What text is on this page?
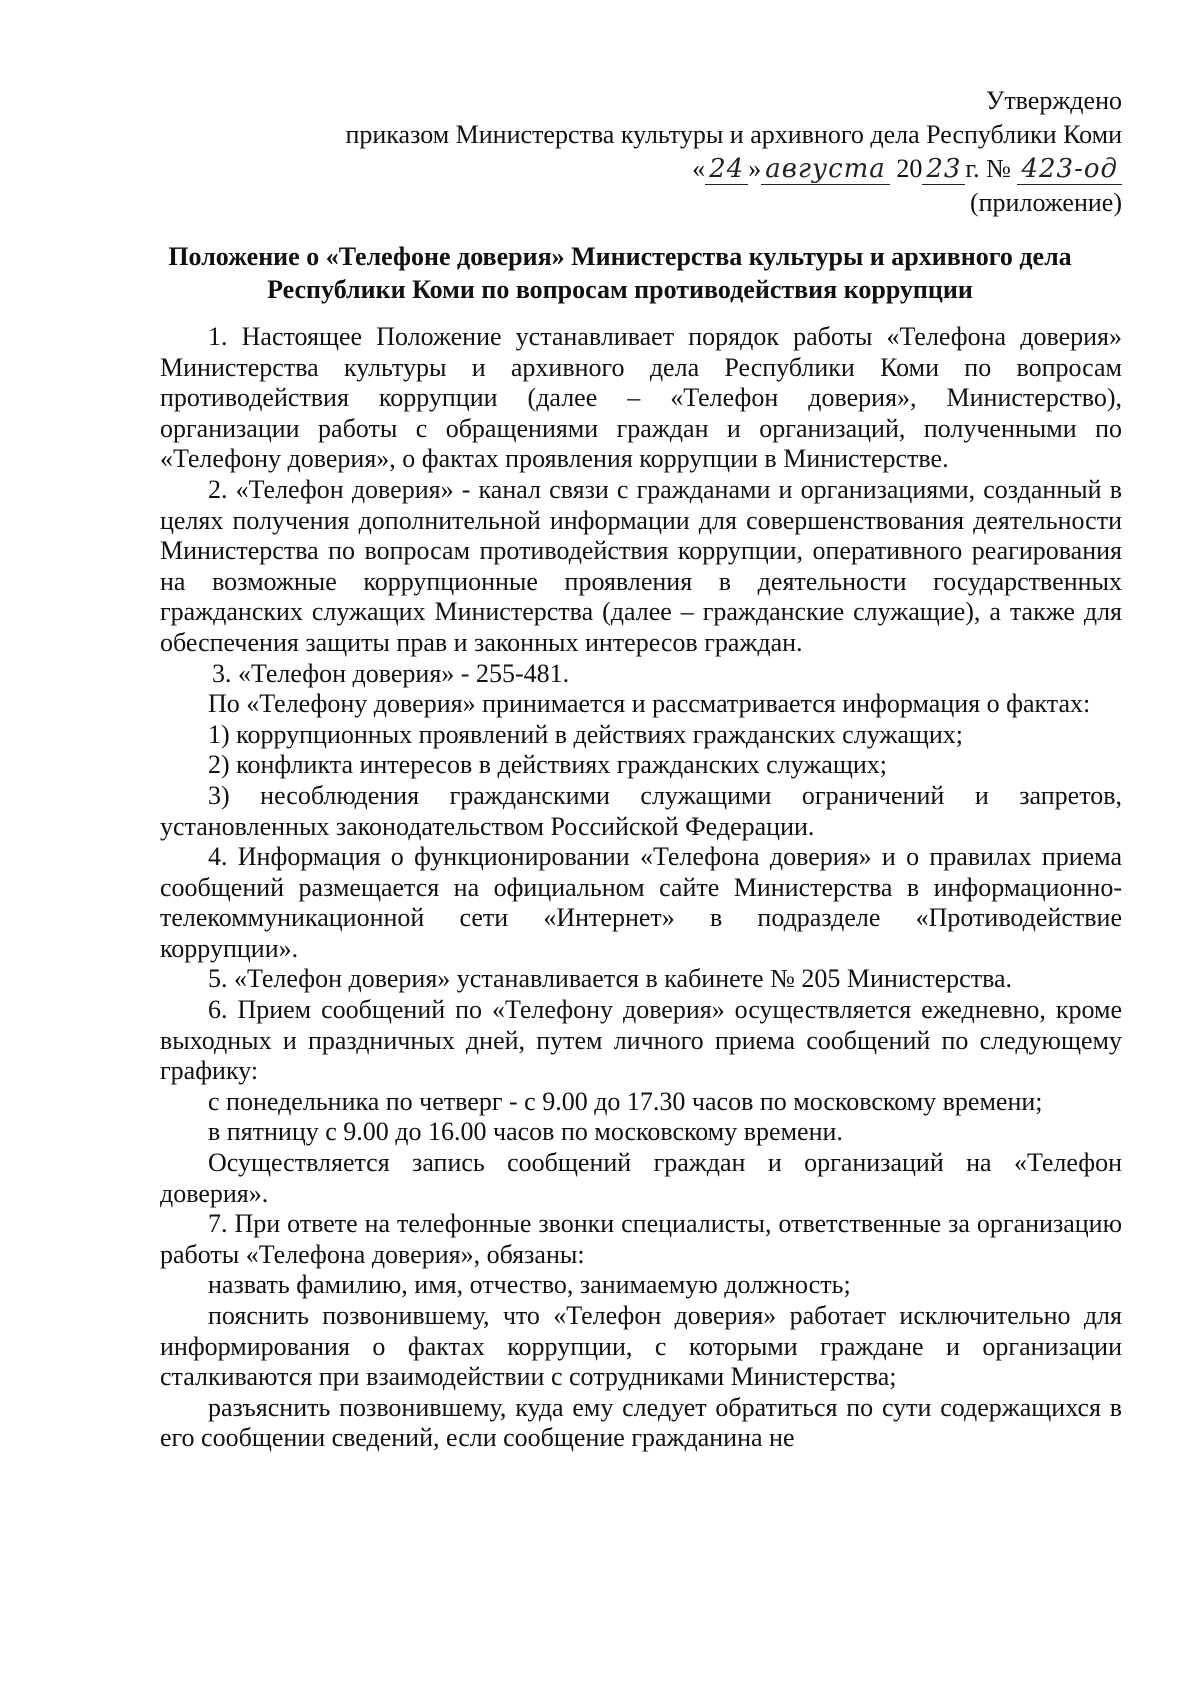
Утверждено
приказом Министерства культуры и архивного дела Республики Коми
« 24 » августа 20 23 г. № 423-од
(приложение)
Положение о «Телефоне доверия» Министерства культуры и архивного дела
Республики Коми по вопросам противодействия коррупции

1. Настоящее Положение устанавливает порядок работы «Телефона доверия» Министерства культуры и архивного дела Республики Коми по вопросам противодействия коррупции (далее – «Телефон доверия», Министерство), организации работы с обращениями граждан и организаций, полученными по «Телефону доверия», о фактах проявления коррупции в Министерстве.

2. «Телефон доверия» - канал связи с гражданами и организациями, созданный в целях получения дополнительной информации для совершенствования деятельности Министерства по вопросам противодействия коррупции, оперативного реагирования на возможные коррупционные проявления в деятельности государственных гражданских служащих Министерства (далее – гражданские служащие), а также для обеспечения защиты прав и законных интересов граждан.

3. «Телефон доверия» - 255-481.

По «Телефону доверия» принимается и рассматривается информация о фактах:

1) коррупционных проявлений в действиях гражданских служащих;

2) конфликта интересов в действиях гражданских служащих;

3) несоблюдения гражданскими служащими ограничений и запретов, установленных законодательством Российской Федерации.

4. Информация о функционировании «Телефона доверия» и о правилах приема сообщений размещается на официальном сайте Министерства в информационно-телекоммуникационной сети «Интернет» в подразделе «Противодействие коррупции».

5. «Телефон доверия» устанавливается в кабинете № 205 Министерства.

6. Прием сообщений по «Телефону доверия» осуществляется ежедневно, кроме выходных и праздничных дней, путем личного приема сообщений по следующему графику:

с понедельника по четверг - с 9.00 до 17.30 часов по московскому времени;

в пятницу с 9.00 до 16.00 часов по московскому времени.

Осуществляется запись сообщений граждан и организаций на «Телефон доверия».

7. При ответе на телефонные звонки специалисты, ответственные за организацию работы «Телефона доверия», обязаны:

назвать фамилию, имя, отчество, занимаемую должность;

пояснить позвонившему, что «Телефон доверия» работает исключительно для информирования о фактах коррупции, с которыми граждане и организации сталкиваются при взаимодействии с сотрудниками Министерства;

разъяснить позвонившему, куда ему следует обратиться по сути содержащихся в его сообщении сведений, если сообщение гражданина не
